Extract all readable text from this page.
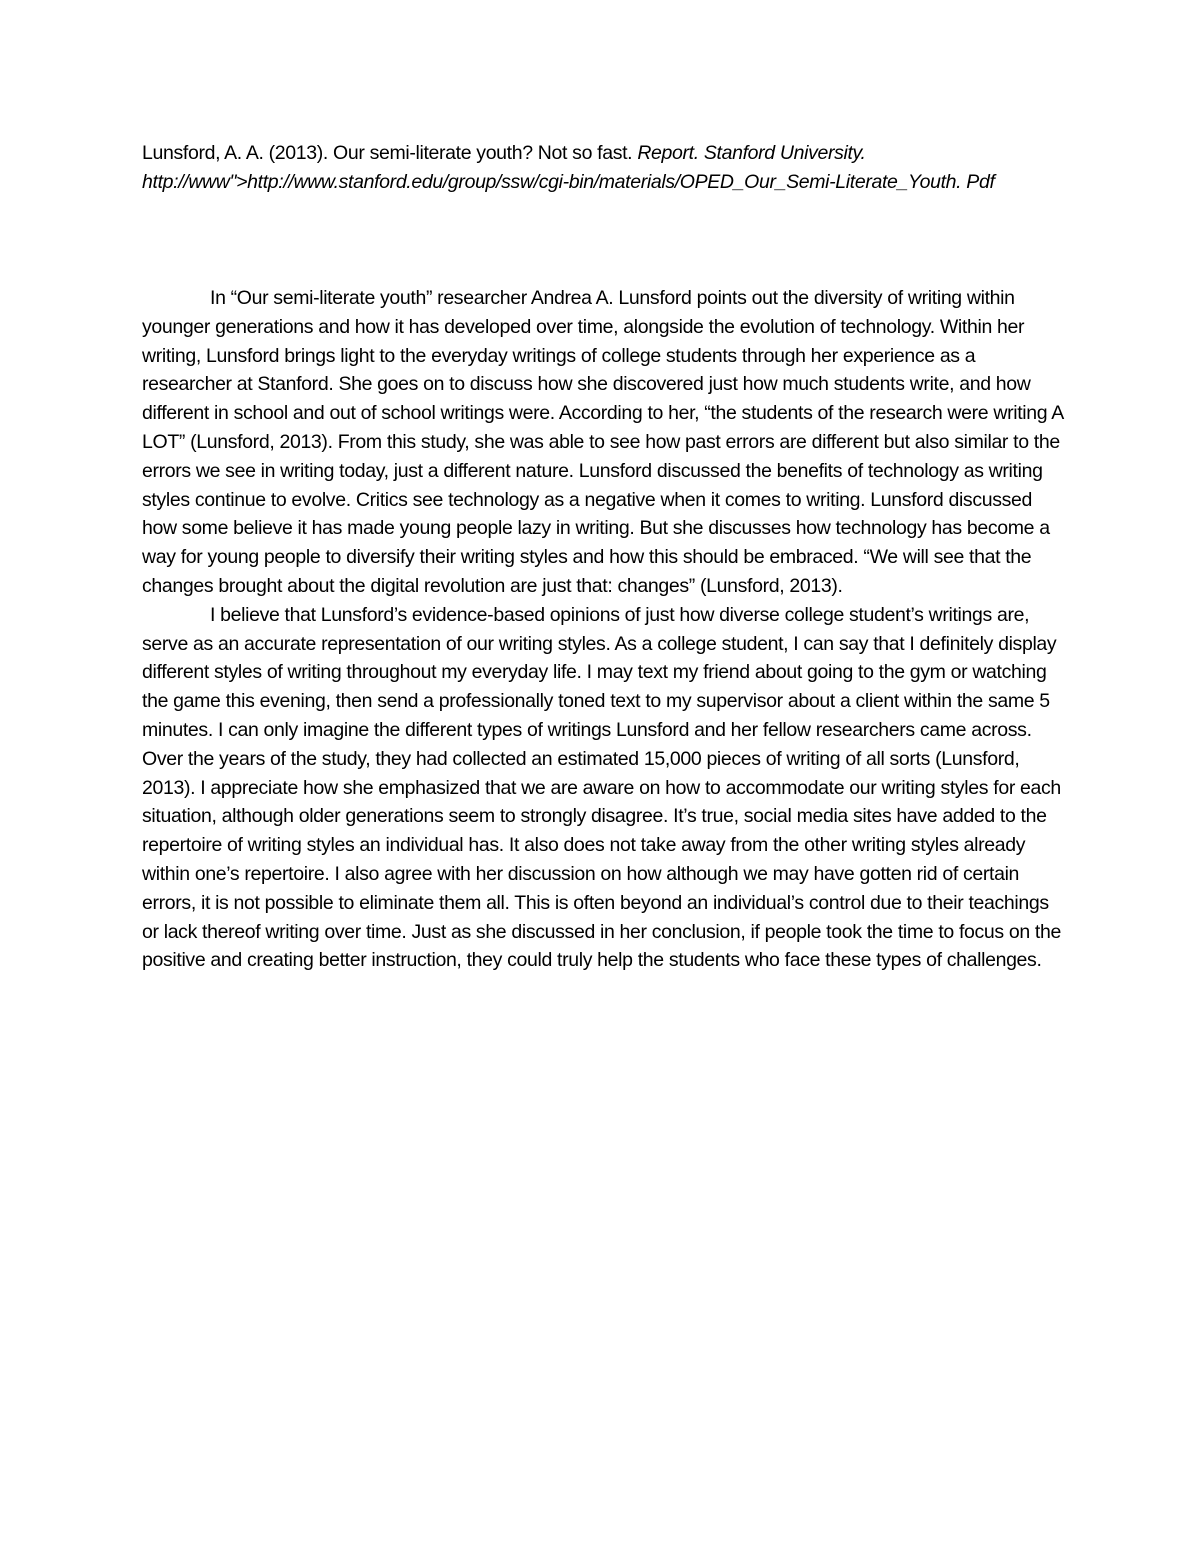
Lunsford, A. A. (2013). Our semi-literate youth? Not so fast. Report. Stanford University. http://www">http://www.stanford.edu/group/ssw/cgi-bin/materials/OPED_Our_Semi-Literate_Youth. Pdf

In “Our semi-literate youth” researcher Andrea A. Lunsford points out the diversity of writing within younger generations and how it has developed over time, alongside the evolution of technology. Within her writing, Lunsford brings light to the everyday writings of college students through her experience as a researcher at Stanford. She goes on to discuss how she discovered just how much students write, and how different in school and out of school writings were. According to her, “the students of the research were writing A LOT” (Lunsford, 2013). From this study, she was able to see how past errors are different but also similar to the errors we see in writing today, just a different nature. Lunsford discussed the benefits of technology as writing styles continue to evolve. Critics see technology as a negative when it comes to writing. Lunsford discussed how some believe it has made young people lazy in writing. But she discusses how technology has become a way for young people to diversify their writing styles and how this should be embraced. “We will see that the changes brought about the digital revolution are just that: changes” (Lunsford, 2013).

I believe that Lunsford’s evidence-based opinions of just how diverse college student’s writings are, serve as an accurate representation of our writing styles. As a college student, I can say that I definitely display different styles of writing throughout my everyday life. I may text my friend about going to the gym or watching the game this evening, then send a professionally toned text to my supervisor about a client within the same 5 minutes. I can only imagine the different types of writings Lunsford and her fellow researchers came across. Over the years of the study, they had collected an estimated 15,000 pieces of writing of all sorts (Lunsford, 2013). I appreciate how she emphasized that we are aware on how to accommodate our writing styles for each situation, although older generations seem to strongly disagree. It’s true, social media sites have added to the repertoire of writing styles an individual has. It also does not take away from the other writing styles already within one’s repertoire. I also agree with her discussion on how although we may have gotten rid of certain errors, it is not possible to eliminate them all. This is often beyond an individual’s control due to their teachings or lack thereof writing over time. Just as she discussed in her conclusion, if people took the time to focus on the positive and creating better instruction, they could truly help the students who face these types of challenges.
